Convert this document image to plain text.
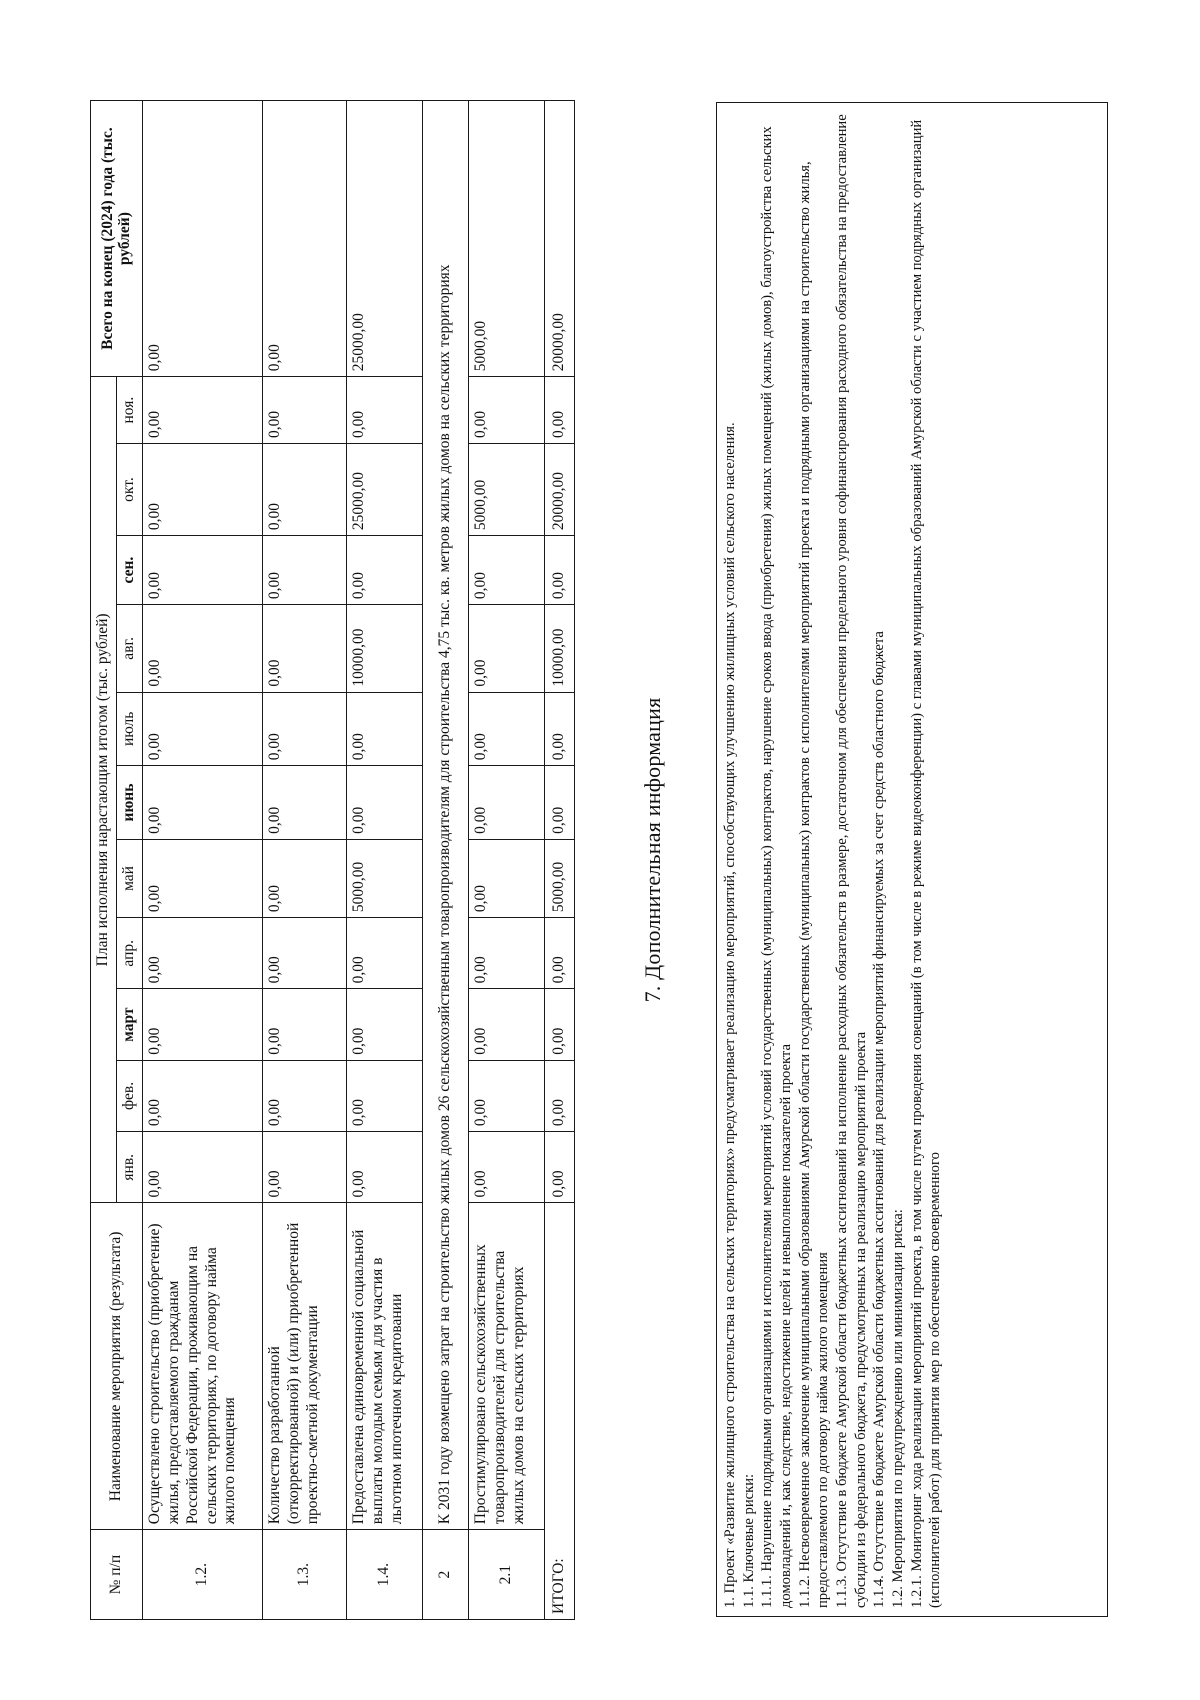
№ п/п	Наименование мероприятия (результата)	План исполнения нарастающим итогом (тыс. рублей)											Всего на конец (2024) года (тыс. рублей)
		янв.	фев.	март	апр.	май	июнь	июль	авг.	сен.	окт.	ноя.	
1.2.	Осуществлено строительство (приобретение) жилья, предоставляемого гражданам Российской Федерации, проживающим на сельских территориях, по договору найма жилого помещения	0,00	0,00	0,00	0,00	0,00	0,00	0,00	0,00	0,00	0,00	0,00	0,00
1.3.	Количество разработанной (откорректированной) и (или) приобретенной проектно-сметной документации	0,00	0,00	0,00	0,00	0,00	0,00	0,00	0,00	0,00	0,00	0,00	0,00
1.4.	Предоставлена единовременной социальной выплаты молодым семьям для участия в льготном ипотечном кредитовании	0,00	0,00	0,00	0,00	5000,00	0,00	0,00	10000,00	0,00	25000,00	0,00	25000,00
2	К 2031 году возмещено затрат на строительство жилых домов 26 сельскохозяйственным товаропроизводителям для строительства 4,75 тыс. кв. метров жилых домов на сельских территориях												
2.1	Простимулировано сельскохозяйственных товаропроизводителей для строительства жилых домов на сельских территориях	0,00	0,00	0,00	0,00	0,00	0,00	0,00	0,00	0,00	5000,00	0,00	5000,00
ИТОГО:		0,00	0,00	0,00	0,00	5000,00	0,00	0,00	10000,00	0,00	20000,00	0,00	20000,00
7. Дополнительная информация	1. Проект «Развитие жилищного строительства на сельских территориях» предусматривает реализацию мероприятий, способствующих улучшению жилищных условий сельского населения. 1.1. Ключевые риски: 1.1.1. Нарушение подрядными организациями и исполнителями мероприятий условий государственных (муниципальных) контрактов, нарушение сроков ввода (приобретения) жилых помещений (жилых домов), благоустройства сельских домовладений и, как следствие, недостижение целей и невыполнение показателей проекта 1.1.2. Несвоевременное заключение муниципальными образованиями Амурской области государственных (муниципальных) контрактов с исполнителями мероприятий проекта и подрядными организациями на строительство жилья, предоставляемого по договору найма жилого помещения 1.1.3. Отсутствие в бюджете Амурской области бюджетных ассигнований на исполнение расходных обязательств в размере, достаточном для обеспечения предельного уровня софинансирования расходного обязательства на предоставление субсидии из федерального бюджета, предусмотренных на реализацию мероприятий проекта 1.1.4. Отсутствие в бюджете Амурской области бюджетных ассигнований для реализации мероприятий финансируемых за счет средств областного бюджета 1.2. Мероприятия по предупреждению или минимизации риска: 1.2.1. Мониторинг хода реализации мероприятий проекта, в том числе путем проведения совещаний (в том числе в режиме видеоконференции) с главами муниципальных образований Амурской области с участием подрядных организаций (исполнителей работ) для принятия мер по обеспечению своевременного
